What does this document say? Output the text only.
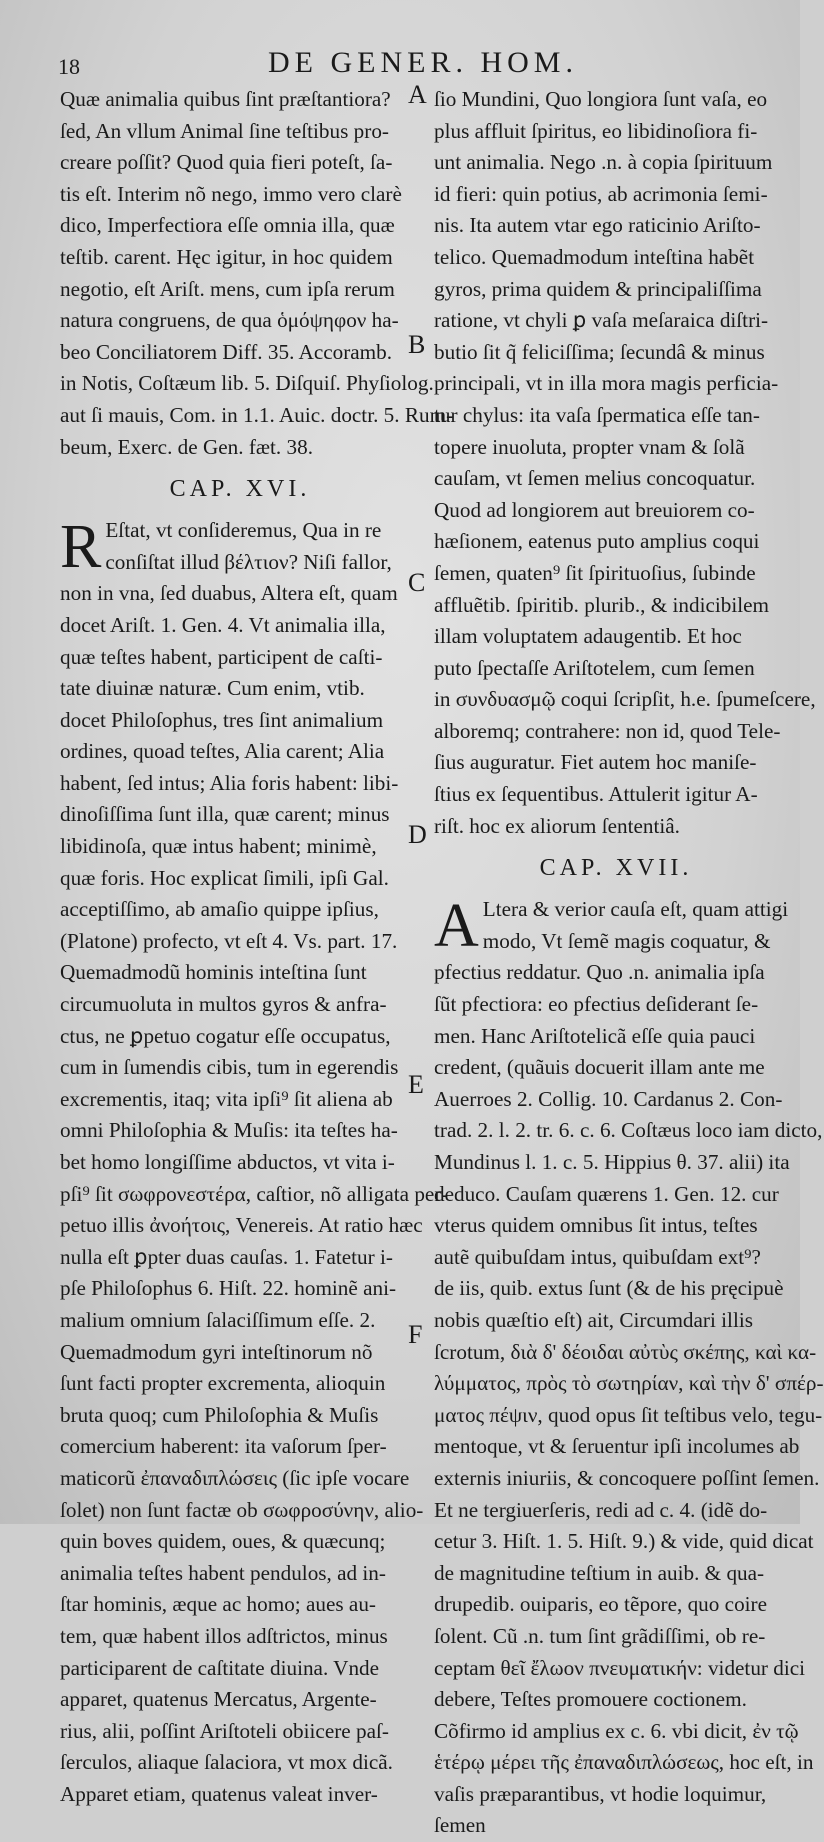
18	DE GENER. HOM.
A
B
C
D
E
F
Quæ animalia quibus ſint præſtantiora?
ſed, An vllum Animal ſine teſtibus pro-
creare poſſit? Quod quia fieri poteſt, ſa-
tis eſt. Interim nõ nego, immo vero clarè
dico, Imperfectiora eſſe omnia illa, quæ
teſtib. carent. Hęc igitur, in hoc quidem
negotio, eſt Ariſt. mens, cum ipſa rerum
natura congruens, de qua ὁμόψηφον ha-
beo Conciliatorem Diff. 35. Accoramb.
in Notis, Coſtæum lib. 5. Diſquiſ. Phyſiolog.
aut ſi mauis, Com. in 1.1. Auic. doctr. 5. Rum-
beum, Exerc. de Gen. fæt. 38.
CAP. XVI.
R Eſtat, vt conſideremus, Qua in re
conſiſtat illud βέλτιον? Niſi fallor,
non in vna, ſed duabus, Altera eſt, quam
docet Ariſt. 1. Gen. 4. Vt animalia illa,
quæ teſtes habent, participent de caſti-
tate diuinæ naturæ. Cum enim, vtib.
docet Philoſophus, tres ſint animalium
ordines, quoad teſtes, Alia carent; Alia
habent, ſed intus; Alia foris habent: libi-
dinoſiſſima ſunt illa, quæ carent; minus
libidinoſa, quæ intus habent; minimè,
quæ foris. Hoc explicat ſimili, ipſi Gal.
acceptiſſimo, ab amaſio quippe ipſius,
(Platone) profecto, vt eſt 4. Vs. part. 17.
Quemadmodũ hominis inteſtina ſunt
circumuoluta in multos gyros & anfra-
ctus, ne ꝑpetuo cogatur eſſe occupatus,
cum in ſumendis cibis, tum in egerendis
excrementis, itaq; vita ipſi⁹ ſit aliena ab
omni Philoſophia & Muſis: ita teſtes ha-
bet homo longiſſime abductos, vt vita i-
pſi⁹ ſit σωφρονεστέρα, caſtior, nõ alligata per-
petuo illis ἀνοήτοις, Venereis. At ratio hæc
nulla eſt ꝑpter duas cauſas. 1. Fatetur i-
pſe Philoſophus 6. Hiſt. 22. hominẽ ani-
malium omnium ſalaciſſimum eſſe. 2.
Quemadmodum gyri inteſtinorum nõ
ſunt facti propter excrementa, alioquin
bruta quoq; cum Philoſophia & Muſis
comercium haberent: ita vaſorum ſper-
maticorũ ἐπαναδιπλώσεις (ſic ipſe vocare
ſolet) non ſunt factæ ob σωφροσύνην, alio-
quin boves quidem, oues, & quæcunq;
animalia teſtes habent pendulos, ad in-
ſtar hominis, æque ac homo; aues au-
tem, quæ habent illos adſtrictos, minus
participarent de caſtitate diuina. Vnde
apparet, quatenus Mercatus, Argente-
rius, alii, poſſint Ariſtoteli obiicere paſ-
ſerculos, aliaque ſalaciora, vt mox dicã.
Apparet etiam, quatenus valeat inver-
ſio Mundini, Quo longiora ſunt vaſa, eo
plus affluit ſpiritus, eo libidinoſiora fi-
unt animalia. Nego .n. à copia ſpirituum
id fieri: quin potius, ab acrimonia ſemi-
nis. Ita autem vtar ego raticinio Ariſto-
telico. Quemadmodum inteſtina habẽt
gyros, prima quidem & principaliſſima
ratione, vt chyli ꝑ vaſa meſaraica diſtri-
butio ſit q̃ feliciſſima; ſecundâ & minus
principali, vt in illa mora magis perficia-
tur chylus: ita vaſa ſpermatica eſſe tan-
topere inuoluta, propter vnam & ſolã
cauſam, vt ſemen melius concoquatur.
Quod ad longiorem aut breuiorem co-
hæſionem, eatenus puto amplius coqui
ſemen, quaten⁹ ſit ſpirituoſius, ſubinde
affluẽtib. ſpiritib. plurib., & indicibilem
illam voluptatem adaugentib. Et hoc
puto ſpectaſſe Ariſtotelem, cum ſemen
in συνδυασμῷ coqui ſcripſit, h.e. ſpumeſcere,
alboremq; contrahere: non id, quod Tele-
ſius auguratur. Fiet autem hoc maniſe-
ſtius ex ſequentibus. Attulerit igitur A-
riſt. hoc ex aliorum ſententiâ.
CAP. XVII.
A Ltera & verior cauſa eſt, quam attigi
modo, Vt ſemẽ magis coquatur, &
pfectius reddatur. Quo .n. animalia ipſa
ſũt pfectiora: eo pfectius deſiderant ſe-
men. Hanc Ariſtotelicã eſſe quia pauci
credent, (quãuis docuerit illam ante me
Auerroes 2. Collig. 10. Cardanus 2. Con-
trad. 2. l. 2. tr. 6. c. 6. Coſtæus loco iam dicto,
Mundinus l. 1. c. 5. Hippius θ. 37. alii) ita
deduco. Cauſam quærens 1. Gen. 12. cur
vterus quidem omnibus ſit intus, teſtes
autẽ quibuſdam intus, quibuſdam ext⁹?
de iis, quib. extus ſunt (& de his pręcipuè
nobis quæſtio eſt) ait, Circumdari illis
ſcrotum, διὰ δ' δέοιδαι αὐτὺς σκέπης, καὶ κα-
λύμματος, πρὸς τὸ σωτηρίαν, καὶ τὴν δ' σπέρ-
ματος πέψιν, quod opus ſit teſtibus velo, tegu-
mentoque, vt & ſeruentur ipſi incolumes ab
externis iniuriis, & concoquere poſſint ſemen.
Et ne tergiuerſeris, redi ad c. 4. (idẽ do-
cetur 3. Hiſt. 1. 5. Hiſt. 9.) & vide, quid dicat
de magnitudine teſtium in auib. & qua-
drupedib. ouiparis, eo tẽpore, quo coire
ſolent. Cũ .n. tum ſint grãdiſſimi, ob re-
ceptam θεῖ ἔλωον πνευματικήν: videtur dici
debere, Teſtes promouere coctionem.
Cõfirmo id amplius ex c. 6. vbi dicit, ἐν τῷ
ἑτέρῳ μέρει τῆς ἐπαναδιπλώσεως, hoc eſt, in
vaſis præparantibus, vt hodie loquimur,
ſemen
